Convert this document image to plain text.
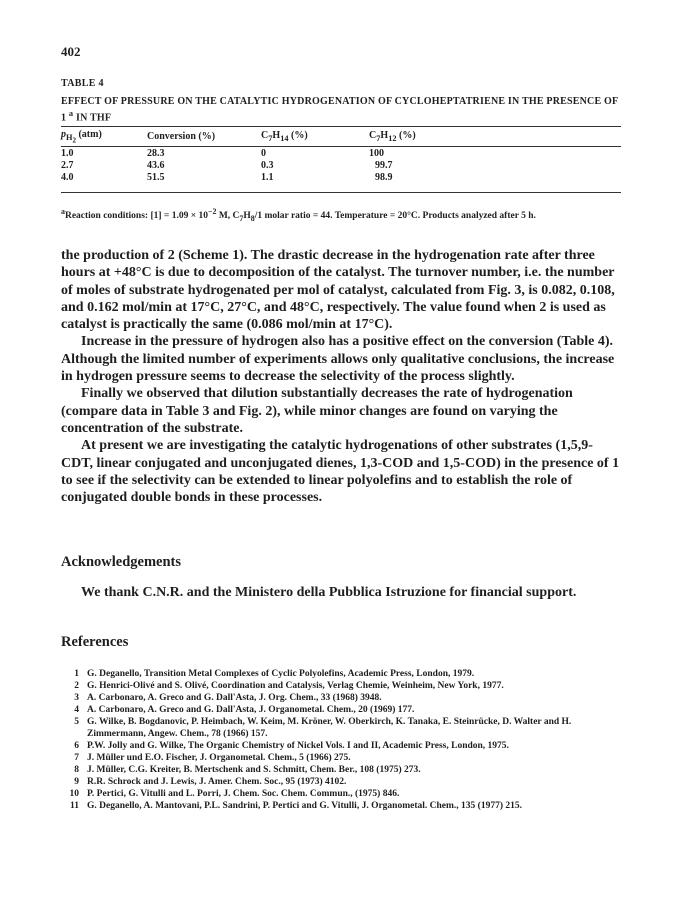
402
TABLE 4
EFFECT OF PRESSURE ON THE CATALYTIC HYDROGENATION OF CYCLOHEPTATRIENE IN THE PRESENCE OF 1 $^a$ IN THF
$p_{H_2}$ (atm)	Conversion (%)	$C_7H_{14}$ (%)	$C_7H_{12}$ (%)
1.0	28.3	0	100
2.7	43.6	0.3	99.7
4.0	51.5	1.1	98.9
$^a$Reaction conditions: $[1] = 1.09 \times 10^{-2}$ M, $C_7H_8/1$ molar ratio = 44. Temperature = 20°C. Products analyzed after 5 h.

the production of 2 (Scheme 1). The drastic decrease in the hydrogenation rate after three hours at +48°C is due to decomposition of the catalyst. The turnover number, i.e. the number of moles of substrate hydrogenated per mol of catalyst, calculated from Fig. 3, is 0.082, 0.108, and 0.162 mol/min at 17°C, 27°C, and 48°C, respectively. The value found when 2 is used as catalyst is practically the same (0.086 mol/min at 17°C).

Increase in the pressure of hydrogen also has a positive effect on the conversion (Table 4). Although the limited number of experiments allows only qualitative conclusions, the increase in hydrogen pressure seems to decrease the selectivity of the process slightly.

Finally we observed that dilution substantially decreases the rate of hydrogenation (compare data in Table 3 and Fig. 2), while minor changes are found on varying the concentration of the substrate.

At present we are investigating the catalytic hydrogenations of other substrates (1,5,9-CDT, linear conjugated and unconjugated dienes, 1,3-COD and 1,5-COD) in the presence of 1 to see if the selectivity can be extended to linear polyolefins and to establish the role of conjugated double bonds in these processes.

Acknowledgements
We thank C.N.R. and the Ministero della Pubblica Istruzione for financial support.
References
1 G. Deganello, Transition Metal Complexes of Cyclic Polyolefins, Academic Press, London, 1979.
2 G. Henrici-Olivé and S. Olivé, Coordination and Catalysis, Verlag Chemie, Weinheim, New York, 1977.
3 A. Carbonaro, A. Greco and G. Dall'Asta, J. Org. Chem., 33 (1968) 3948.
4 A. Carbonaro, A. Greco and G. Dall'Asta, J. Organometal. Chem., 20 (1969) 177.
5 G. Wilke, B. Bogdanovic, P. Heimbach, W. Keim, M. Kröner, W. Oberkirch, K. Tanaka, E. Steinrücke, D. Walter and H. Zimmermann, Angew. Chem., 78 (1966) 157.
6 P.W. Jolly and G. Wilke, The Organic Chemistry of Nickel Vols. I and II, Academic Press, London, 1975.
7 J. Müller und E.O. Fischer, J. Organometal. Chem., 5 (1966) 275.
8 J. Müller, C.G. Kreiter, B. Mertschenk and S. Schmitt, Chem. Ber., 108 (1975) 273.
9 R.R. Schrock and J. Lewis, J. Amer. Chem. Soc., 95 (1973) 4102.
10 P. Pertici, G. Vitulli and L. Porri, J. Chem. Soc. Chem. Commun., (1975) 846.
11 G. Deganello, A. Mantovani, P.L. Sandrini, P. Pertici and G. Vitulli, J. Organometal. Chem., 135 (1977) 215.
